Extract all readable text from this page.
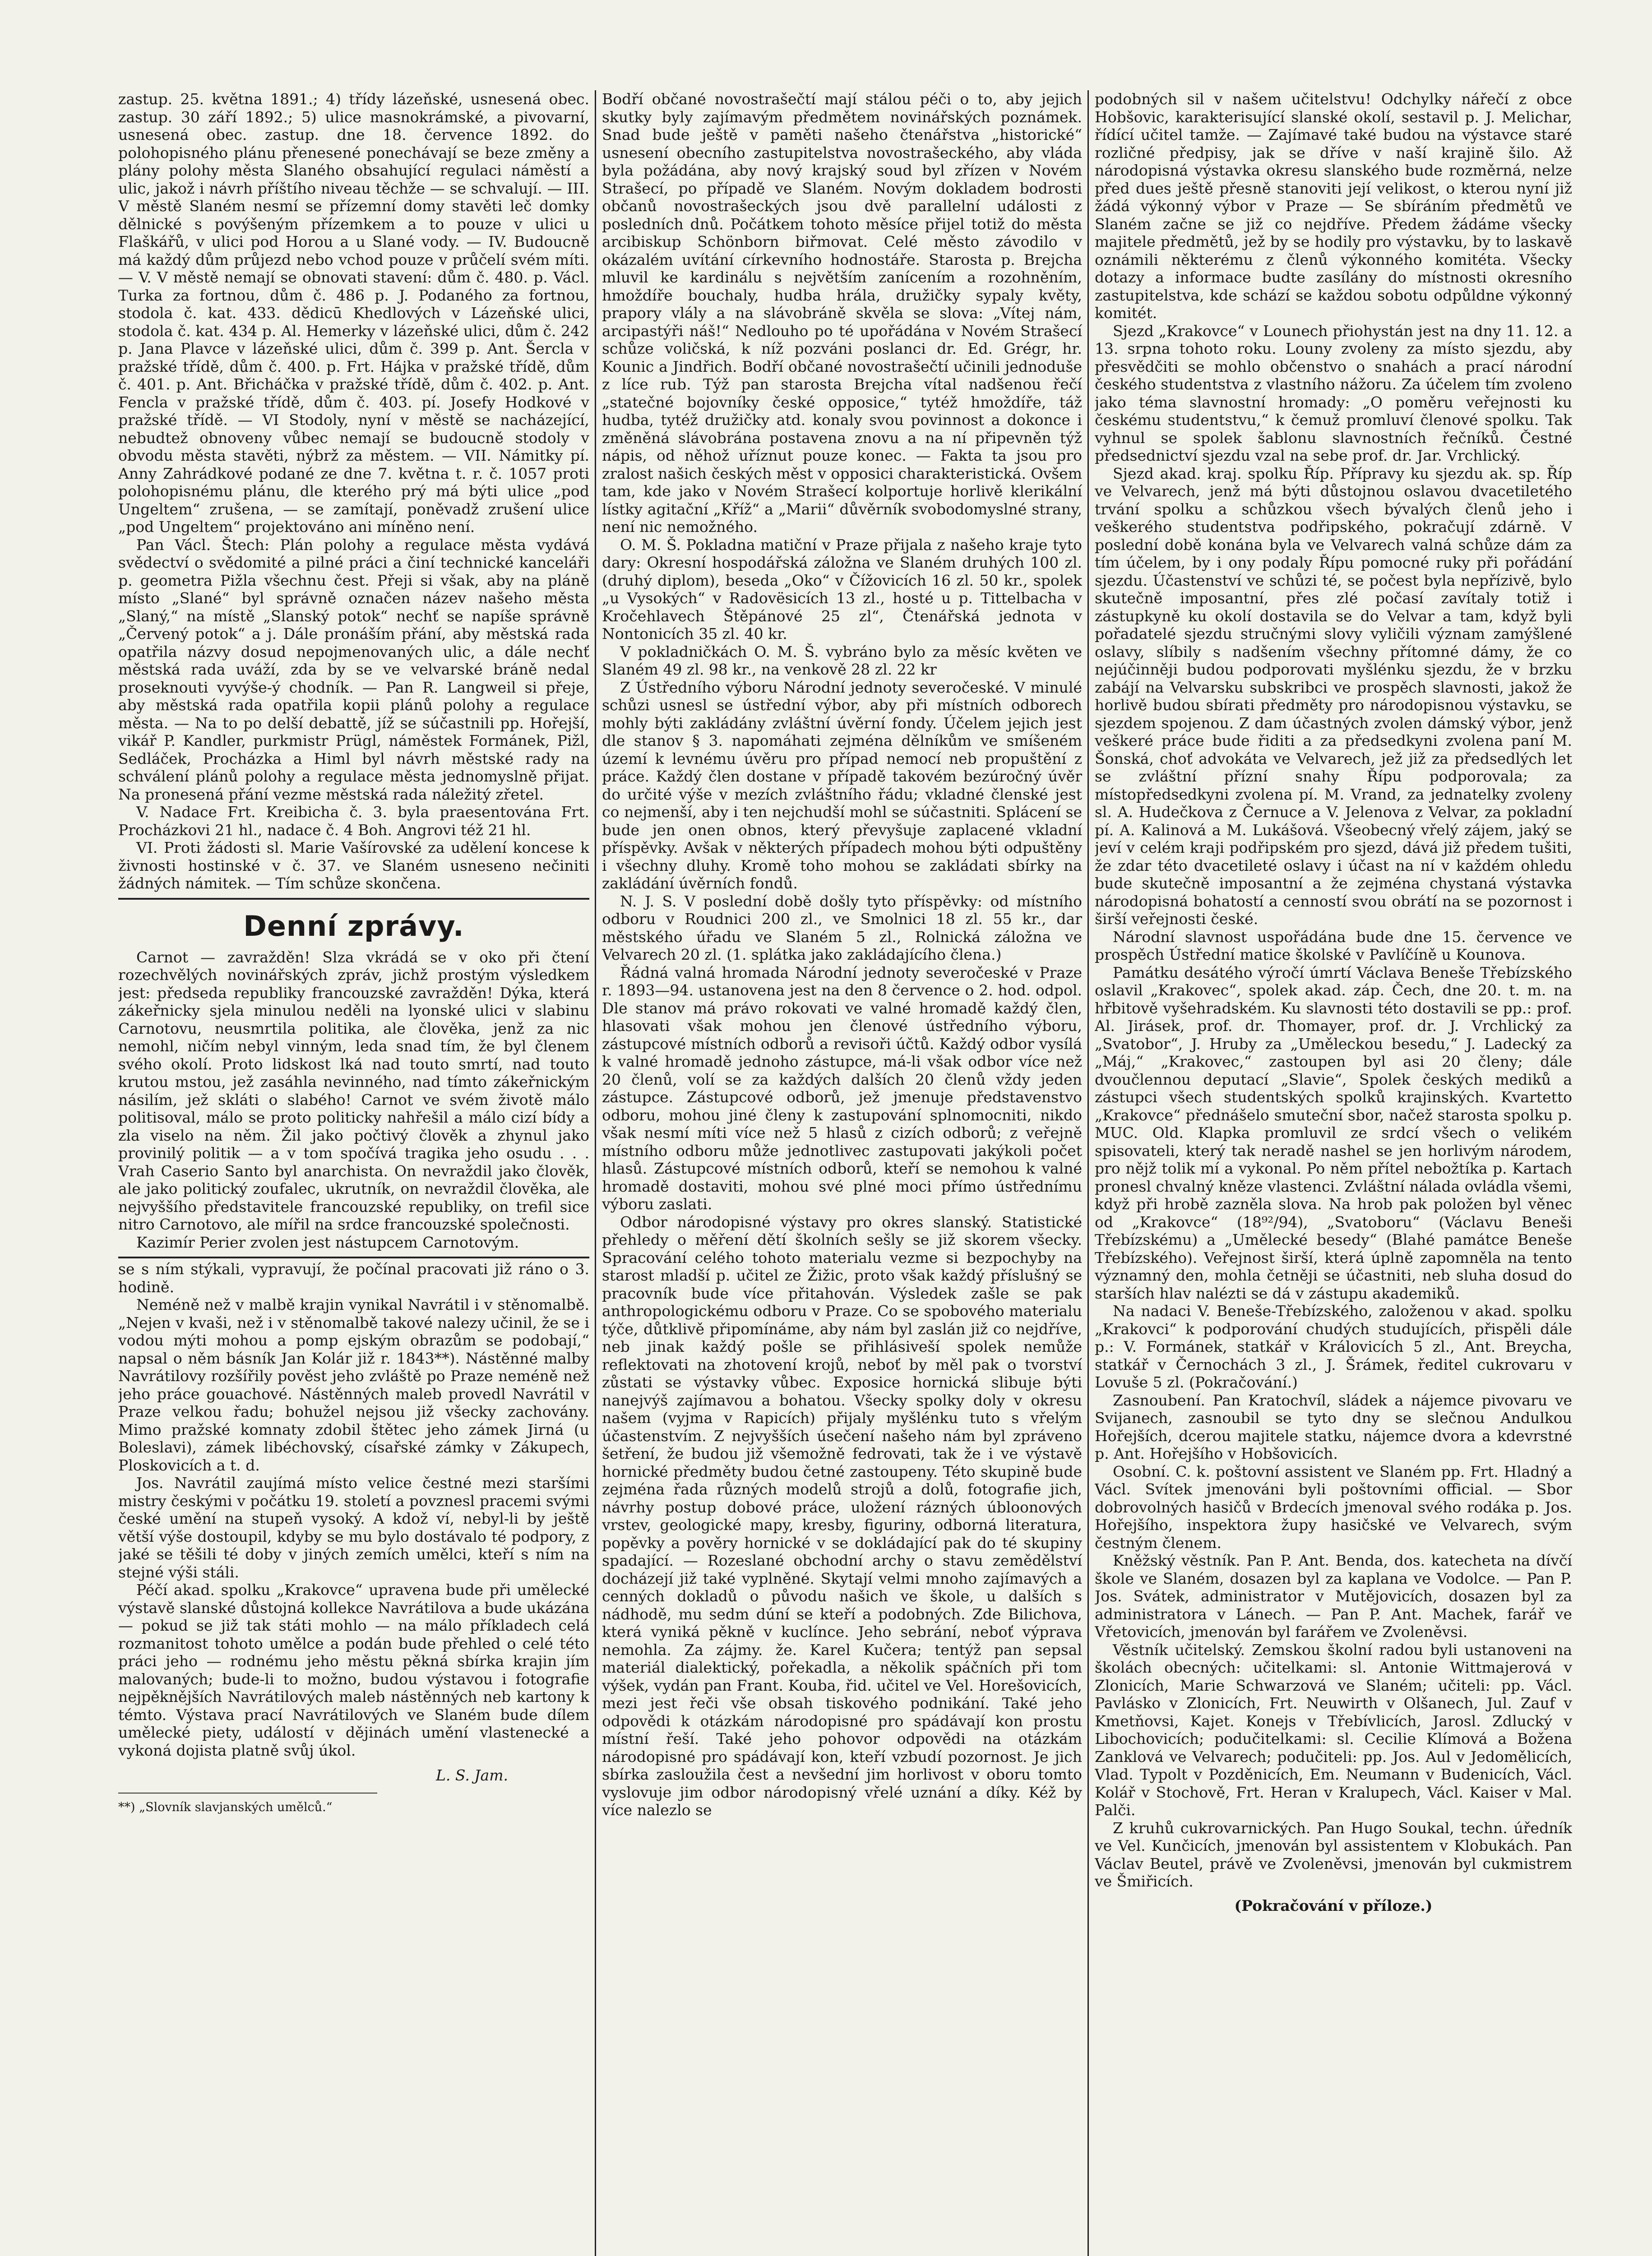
zastup. 25. května 1891.; 4) třídy lázeňské, usnesená obec. zastup. 30 září 1892.; 5) ulice masnokrámské, a pivovarní, usnesená obec. zastup. dne 18. července 1892. do polohopisného plánu přenesené ponechávají se beze změny a plány polohy města Slaného obsahující regulaci náměstí a ulic, jakož i návrh příštího niveau těchže — se schvalují. — III. V městě Slaném nesmí se přízemní domy stavěti leč domky dělnické s povýšeným přízemkem a to pouze v ulici u Flaškářů, v ulici pod Horou a u Slané vody. — IV. Budoucně má každý dům průjezd nebo vchod pouze v průčelí svém míti. — V. V městě nemají se obnovati stavení: dům č. 480. p. Václ. Turka za fortnou, dům č. 486 p. J. Podaného za fortnou, stodola č. kat. 433. dědicū Khedlových v Lázeňské ulici, stodola č. kat. 434 p. Al. Hemerky v lázeňské ulici, dům č. 242 p. Jana Plavce v lázeňské ulici, dům č. 399 p. Ant. Šercla v pražské třídě, dům č. 400. p. Frt. Hájka v pražské třídě, dům č. 401. p. Ant. Břicháčka v pražské třídě, dům č. 402. p. Ant. Fencla v pražské třídě, dům č. 403. pí. Josefy Hodkové v pražské třídě. — VI Stodoly, nyní v městě se nacházející, nebudtež obnoveny vůbec nemají se budoucně stodoly v obvodu města stavěti, nýbrž za městem. — VII. Námitky pí. Anny Zahrádkové podané ze dne 7. května t. r. č. 1057 proti polohopisnému plánu, dle kterého prý má býti ulice „pod Ungeltem“ zrušena, — se zamítají, poněvadž zrušení ulice „pod Ungeltem“ projektováno ani míněno není.

Pan Václ. Štech: Plán polohy a regulace města vydává svědectví o svědomité a pilné práci a činí technické kanceláři p. geometra Pižla všechnu čest. Přeji si však, aby na pláně místo „Slané“ byl správně označen název našeho města „Slaný,“ na místě „Slanský potok“ nechť se napíše správně „Červený potok“ a j. Dále pronáším přání, aby městská rada opatřila názvy dosud nepojmenovaných ulic, a dále nechť městská rada uváží, zda by se ve velvarské bráně nedal proseknouti vyvýše-ý chodník. — Pan R. Langweil si přeje, aby městská rada opatřila kopii plánů polohy a regulace města. — Na to po delší debattě, jíž se súčastnili pp. Hořejší, vikář P. Kandler, purkmistr Prügl, náměstek Formánek, Pižl, Sedláček, Procházka a Himl byl návrh městské rady na schválení plánů polohy a regulace města jednomyslně přijat. Na pronesená přání vezme městská rada náležitý zřetel.

V. Nadace Frt. Kreibicha č. 3. byla praesentována Frt. Procházkovi 21 hl., nadace č. 4 Boh. Angrovi též 21 hl.

VI. Proti žádosti sl. Marie Vašírovské za udělení koncese k živnosti hostinské v č. 37. ve Slaném usneseno nečiniti žádných námitek. — Tím schůze skončena.

Denní zprávy.

Carnot — zavražděn! Slza vkrádá se v oko při čtení rozechvělých novinářských zpráv, jichž prostým výsledkem jest: předseda republiky francouzské zavražděn! Dýka, která zákeřnicky sjela minulou neděli na lyonské ulici v slabinu Carnotovu, neusmrtila politika, ale člověka, jenž za nic nemohl, ničím nebyl vinným, leda snad tím, že byl členem svého okolí. Proto lidskost lká nad touto smrtí, nad touto krutou mstou, jež zasáhla nevinného, nad tímto zákeřnickým násilím, jež skláti o slabého! Carnot ve svém životě málo politisoval, málo se proto politicky nahřešil a málo cizí bídy a zla viselo na něm. Žil jako počtivý člověk a zhynul jako provinilý politik — a v tom spočívá tragika jeho osudu . . . Vrah Caserio Santo byl anarchista. On nevraždil jako člověk, ale jako politický zoufalec, ukrutník, on nevraždil člověka, ale nejvyššího představitele francouzské republiky, on trefil sice nitro Carnotovo, ale mířil na srdce francouzské společnosti.

Kazimír Perier zvolen jest nástupcem Carnotovým.

se s ním stýkali, vypravují, že počínal pracovati již ráno o 3. hodině.

Neméně než v malbě krajin vynikal Navrátil i v stěnomalbě. „Nejen v kvaši, než i v stěnomalbě takové nalezy učinil, že se i vodou mýti mohou a pomp ejským obrazům se podobají,“ napsal o něm básník Jan Kolár již r. 1843**). Nástěnné malby Navrátilovy rozšířily pověst jeho zvláště po Praze neméně než jeho práce gouachové. Nástěnných maleb provedl Navrátil v Praze velkou řadu; bohužel nejsou již všecky zachovány. Mimo pražské komnaty zdobil štětec jeho zámek Jirná (u Boleslavi), zámek libéchovský, císařské zámky v Zákupech, Ploskovicích a t. d.

Jos. Navrátil zaujímá místo velice čestné mezi staršími mistry českými v počátku 19. století a povznesl pracemi svými české umění na stupeň vysoký. A kdož ví, nebyl-li by ještě větší výše dostoupil, kdyby se mu bylo dostávalo té podpory, z jaké se těšili té doby v jiných zemích umělci, kteří s ním na stejné výši stáli.

Péčí akad. spolku „Krakovce“ upravena bude při umělecké výstavě slanské důstojná kollekce Navrátilova a bude ukázána — pokud se již tak státi mohlo — na málo příkladech celá rozmanitost tohoto umělce a podán bude přehled o celé této práci jeho — rodnému jeho městu pěkná sbírka krajin jím malovaných; bude-li to možno, budou výstavou i fotografie nejpěknějších Navrátilových maleb nástěnných neb kartony k témto. Výstava prací Navrátilových ve Slaném bude dílem umělecké piety, událostí v dějinách umění vlastenecké a vykoná dojista platně svůj úkol.

L. S. Jam.

**) „Slovník slavjanských umělců.“

Bodří občané novostrašečtí mají stálou péči o to, aby jejich skutky byly zajímavým předmětem novinářských poznámek. Snad bude ještě v paměti našeho čtenářstva „historické“ usnesení obecního zastupitelstva novostrašeckého, aby vláda byla požádána, aby nový krajský soud byl zřízen v Novém Strašecí, po případě ve Slaném. Novým dokladem bodrosti občanů novostrašeckých jsou dvě parallelní události z posledních dnů. Počátkem tohoto měsíce přijel totiž do města arcibiskup Schönborn biřmovat. Celé město závodilo v okázalém uvítání církevního hodnostáře. Starosta p. Brejcha mluvil ke kardinálu s největším zanícením a rozohněním, hmoždíře bouchaly, hudba hrála, družičky sypaly květy, prapory vlály a na slávobráně skvěla se slova: „Vítej nám, arcipastýři náš!“ Nedlouho po té upořádána v Novém Strašecí schůze voličská, k níž pozváni poslanci dr. Ed. Grégr, hr. Kounic a Jindřich. Bodří občané novostrašečtí učinili jednoduše z líce rub. Týž pan starosta Brejcha vítal nadšenou řečí „statečné bojovníky české opposice,“ tytéž hmoždíře, táž hudba, tytéž družičky atd. konaly svou povinnost a dokonce i změněná slávobrána postavena znovu a na ní připevněn týž nápis, od něhož uříznut pouze konec. — Fakta ta jsou pro zralost našich českých měst v opposici charakteristická. Ovšem tam, kde jako v Novém Strašecí kolportuje horlivě klerikální lístky agitační „Kříž“ a „Marii“ důvěrník svobodomyslné strany, není nic nemožného.

O. M. Š. Pokladna matiční v Praze přijala z našeho kraje tyto dary: Okresní hospodářská záložna ve Slaném druhých 100 zl. (druhý diplom), beseda „Oko“ v Čížovicích 16 zl. 50 kr., spolek „u Vysokých“ v Radovësicích 13 zl., hosté u p. Tittelbacha v Kročehlavech Štěpánové 25 zl“, Čtenářská jednota v Nontonicích 35 zl. 40 kr.

V pokladničkách O. M. Š. vybráno bylo za měsíc květen ve Slaném 49 zl. 98 kr., na venkově 28 zl. 22 kr

Z Ústředního výboru Národní jednoty severočeské. V minulé schůzi usnesl se ústřední výbor, aby při místních odborech mohly býti zakládány zvláštní úvěrní fondy. Účelem jejich jest dle stanov § 3. napomáhati zejména dělníkům ve smíšeném území k levnému úvěru pro případ nemocí neb propuštění z práce. Každý člen dostane v případě takovém bezúročný úvěr do určité výše v mezích zvláštního řádu; vkladné členské jest co nejmenší, aby i ten nejchudší mohl se súčastniti. Splácení se bude jen onen obnos, který převyšuje zaplacené vkladní příspěvky. Avšak v některých případech mohou býti odpuštěny i všechny dluhy. Kromě toho mohou se zakládati sbírky na zakládání úvěrních fondů.

N. J. S. V poslední době došly tyto příspěvky: od místního odboru v Roudnici 200 zl., ve Smolnici 18 zl. 55 kr., dar městského úřadu ve Slaném 5 zl., Rolnická záložna ve Velvarech 20 zl. (1. splátka jako zakládajícího člena.)

Řádná valná hromada Národní jednoty severočeské v Praze r. 1893—94. ustanovena jest na den 8 července o 2. hod. odpol. Dle stanov má právo rokovati ve valné hromadě každý člen, hlasovati však mohou jen členové ústředního výboru, zástupcové místních odborů a revisoři účtů. Každý odbor vysílá k valné hromadě jednoho zástupce, má-li však odbor více než 20 členů, volí se za každých dalších 20 členů vždy jeden zástupce. Zástupcové odborů, jež jmenuje představenstvo odboru, mohou jiné členy k zastupování splnomocniti, nikdo však nesmí míti více než 5 hlasů z cizích odborů; z veřejně místního odboru může jednotlivec zastupovati jakýkoli počet hlasů. Zástupcové místních odborů, kteří se nemohou k valné hromadě dostaviti, mohou své plné moci přímo ústřednímu výboru zaslati.

Odbor národopisné výstavy pro okres slanský. Statistické přehledy o měření dětí školních sešly se již skorem všecky. Spracování celého tohoto materialu vezme si bezpochyby na starost mladší p. učitel ze Žižic, proto však každý příslušný se pracovník bude více přitahován. Výsledek zašle se pak anthropologickému odboru v Praze. Co se spobového materialu týče, důtklivě připomínáme, aby nám byl zaslán již co nejdříve, neb jinak každý pošle se přihlásiveší spolek nemůže reflektovati na zhotovení krojů, neboť by měl pak o tvorství zůstati se výstavky vůbec. Exposice hornická slibuje býti nanejvýš zajímavou a bohatou. Všecky spolky doly v okresu našem (vyjma v Rapicích) přijaly myšlénku tuto s vřelým účastenstvím. Z nejvyšších úsečení našeho nám byl zpráveno šetření, že budou již všemožně fedrovati, tak že i ve výstavě hornické předměty budou četné zastoupeny. Této skupině bude zejména řada různých modelů strojů a dolů, fotografie jich, návrhy postup dobové práce, uložení rázných úbloonových vrstev, geologické mapy, kresby, figuriny, odborná literatura, popěvky a pověry hornické v se dokládající pak do té skupiny spadající. — Rozeslané obchodní archy o stavu zemědělství docházejí již také vyplněné. Skytají velmi mnoho zajímavých a cenných dokladů o původu našich ve škole, u dalších s nádhodě, mu sedm dúní se kteří a podobných. Zde Bilichova, která vyniká pěkně v kuclínce. Jeho sebrání, neboť výprava nemohla. Za zájmy. že. Karel Kučera; tentýž pan sepsal materiál dialektický, pořekadla, a několik spáčních při tom výšek, vydán pan Frant. Kouba, řid. učitel ve Vel. Horešovicích, mezi jest řeči vše obsah tiskového podnikání. Také jeho odpovědi k otázkám národopisné pro spádávají kon prostu místní řeší. Také jeho pohovor odpovědi na otázkám národopisné pro spádávají kon, kteří vzbudí pozornost. Je jich sbírka zasloužila čest a nevšední jim horlivost v oboru tomto vyslovuje jim odbor národopisný vřelé uznání a díky. Kéž by více nalezlo se

podobných sil v našem učitelstvu! Odchylky nářečí z obce Hobšovic, karakterisující slanské okolí, sestavil p. J. Melichar, řídící učitel tamže. — Zajímavé také budou na výstavce staré rozličné předpisy, jak se dříve v naší krajině šilo. Až národopisná výstavka okresu slanského bude rozměrná, nelze před dues ještě přesně stanoviti její velikost, o kterou nyní již žádá výkonný výbor v Praze — Se sbíráním předmětů ve Slaném začne se již co nejdříve. Předem žádáme všecky majitele předmětů, jež by se hodily pro výstavku, by to laskavě oznámili některému z členů výkonného komitéta. Všecky dotazy a informace budte zasílány do místnosti okresního zastupitelstva, kde schází se každou sobotu odpůldne výkonný komitét.

Sjezd „Krakovce“ v Lounech přiohystán jest na dny 11. 12. a 13. srpna tohoto roku. Louny zvoleny za místo sjezdu, aby přesvědčiti se mohlo občenstvo o snahách a prací národní českého studentstva z vlastního nážoru. Za účelem tím zvoleno jako téma slavnostní hromady: „O poměru veřejnosti ku českému studentstvu,“ k čemuž promluví členové spolku. Tak vyhnul se spolek šablonu slavnostních řečníků. Čestné předsednictví sjezdu vzal na sebe prof. dr. Jar. Vrchlický.

Sjezd akad. kraj. spolku Říp. Přípravy ku sjezdu ak. sp. Říp ve Velvarech, jenž má býti důstojnou oslavou dvacetiletého trvání spolku a schůzkou všech bývalých členů jeho i veškerého studentstva podřipského, pokračují zdárně. V poslední době konána byla ve Velvarech valná schůze dám za tím účelem, by i ony podaly Řípu pomocné ruky při pořádání sjezdu. Účastenství ve schůzi té, se počest byla nepřízivě, bylo skutečně imposantní, přes zlé počasí zavítaly totiž i zástupkyně ku okolí dostavila se do Velvar a tam, když byli pořadatelé sjezdu stručnými slovy vyličili význam zamýšlené oslavy, slíbily s nadšením všechny přítomné dámy, že co nejúčinněji budou podporovati myšlénku sjezdu, že v brzku zabájí na Velvarsku subskribci ve prospěch slavnosti, jakož že horlivě budou sbírati předměty pro národopisnou výstavku, se sjezdem spojenou. Z dam účastných zvolen dámský výbor, jenž veškeré práce bude řiditi a za předsedkyni zvolena paní M. Šonská, choť advokáta ve Velvarech, jež již za předsedlých let se zvláštní přízní snahy Řípu podporovala; za místopředsedkyni zvolena pí. M. Vrand, za jednatelky zvoleny sl. A. Hudečkova z Černuce a V. Jelenova z Velvar, za pokladní pí. A. Kalinová a M. Lukášová. Všeobecný vřelý zájem, jaký se jeví v celém kraji podřipském pro sjezd, dává již předem tušiti, že zdar této dvacetileté oslavy i účast na ní v každém ohledu bude skutečně imposantní a že zejména chystaná výstavka národopisná bohatostí a cenností svou obrátí na se pozornost i širší veřejnosti české.

Národní slavnost uspořádána bude dne 15. července ve prospěch Ústřední matice školské v Pavlíčíně u Kounova.

Památku desátého výročí úmrtí Václava Beneše Třebízského oslavil „Krakovec“, spolek akad. záp. Čech, dne 20. t. m. na hřbitově vyšehradském. Ku slavnosti této dostavili se pp.: prof. Al. Jirásek, prof. dr. Thomayer, prof. dr. J. Vrchlický za „Svatobor“, J. Hruby za „Uměleckou besedu,“ J. Ladecký za „Máj,“ „Krakovec,“ zastoupen byl asi 20 členy; dále dvoučlennou deputací „Slavie“, Spolek českých mediků a zástupci všech studentských spolků krajinských. Kvartetto „Krakovce“ přednášelo smuteční sbor, načež starosta spolku p. MUC. Old. Klapka promluvil ze srdcí všech o velikém spisovateli, který tak neradě nashel se jen horlivým národem, pro nějž tolik mí a vykonal. Po něm přítel nebožtíka p. Kartach pronesl chvalný kněze vlastenci. Zvláštní nálada ovládla všemi, když při hrobě zazněla slova. Na hrob pak položen byl věnec od „Krakovce“ (18⁹²/94), „Svatoboru“ (Václavu Beneši Třebízskému) a „Umělecké besedy“ (Blahé památce Beneše Třebízského). Veřejnost širší, která úplně zapomněla na tento významný den, mohla četněji se účastniti, neb sluha dosud do starších hlav nalézti se dá v zástupu akademiků.

Na nadaci V. Beneše-Třebízského, založenou v akad. spolku „Krakovci“ k podporování chudých studujících, přispěli dále p.: V. Formánek, statkář v Královicích 5 zl., Ant. Breycha, statkář v Černochách 3 zl., J. Šrámek, ředitel cukrovaru v Lovuše 5 zl. (Pokračování.)

Zasnoubení. Pan Kratochvíl, sládek a nájemce pivovaru ve Svijanech, zasnoubil se tyto dny se slečnou Andulkou Hořejších, dcerou majitele statku, nájemce dvora a kdevrstné p. Ant. Hořejšího v Hobšovicích.

Osobní. C. k. poštovní assistent ve Slaném pp. Frt. Hladný a Václ. Svítek jmenováni byli poštovními official. — Sbor dobrovolných hasičů v Brdecích jmenoval svého rodáka p. Jos. Hořejšího, inspektora župy hasičské ve Velvarech, svým čestným členem.

Kněžský věstník. Pan P. Ant. Benda, dos. katecheta na dívčí škole ve Slaném, dosazen byl za kaplana ve Vodolce. — Pan P. Jos. Svátek, administrator v Mutějovicích, dosazen byl za administratora v Lánech. — Pan P. Ant. Machek, farář ve Vřetovicích, jmenován byl farářem ve Zvoleněvsi.

Věstník učitelský. Zemskou školní radou byli ustanoveni na školách obecných: učitelkami: sl. Antonie Wittmajerová v Zlonicích, Marie Schwarzová ve Slaném; učiteli: pp. Václ. Pavlásko v Zlonicích, Frt. Neuwirth v Olšanech, Jul. Zauf v Kmetňovsi, Kajet. Konejs v Třebívlicích, Jarosl. Zdlucký v Libochovicích; podučitelkami: sl. Cecilie Klímová a Božena Zanklová ve Velvarech; podučiteli: pp. Jos. Aul v Jedomělicích, Vlad. Typolt v Pozděnicích, Em. Neumann v Budenicích, Václ. Kolář v Stochově, Frt. Heran v Kralupech, Václ. Kaiser v Mal. Palči.

Z kruhů cukrovarnických. Pan Hugo Soukal, techn. úředník ve Vel. Kunčicích, jmenován byl assistentem v Klobukách. Pan Václav Beutel, právě ve Zvoleněvsi, jmenován byl cukmistrem ve Šmiřicích.

(Pokračování v příloze.)
